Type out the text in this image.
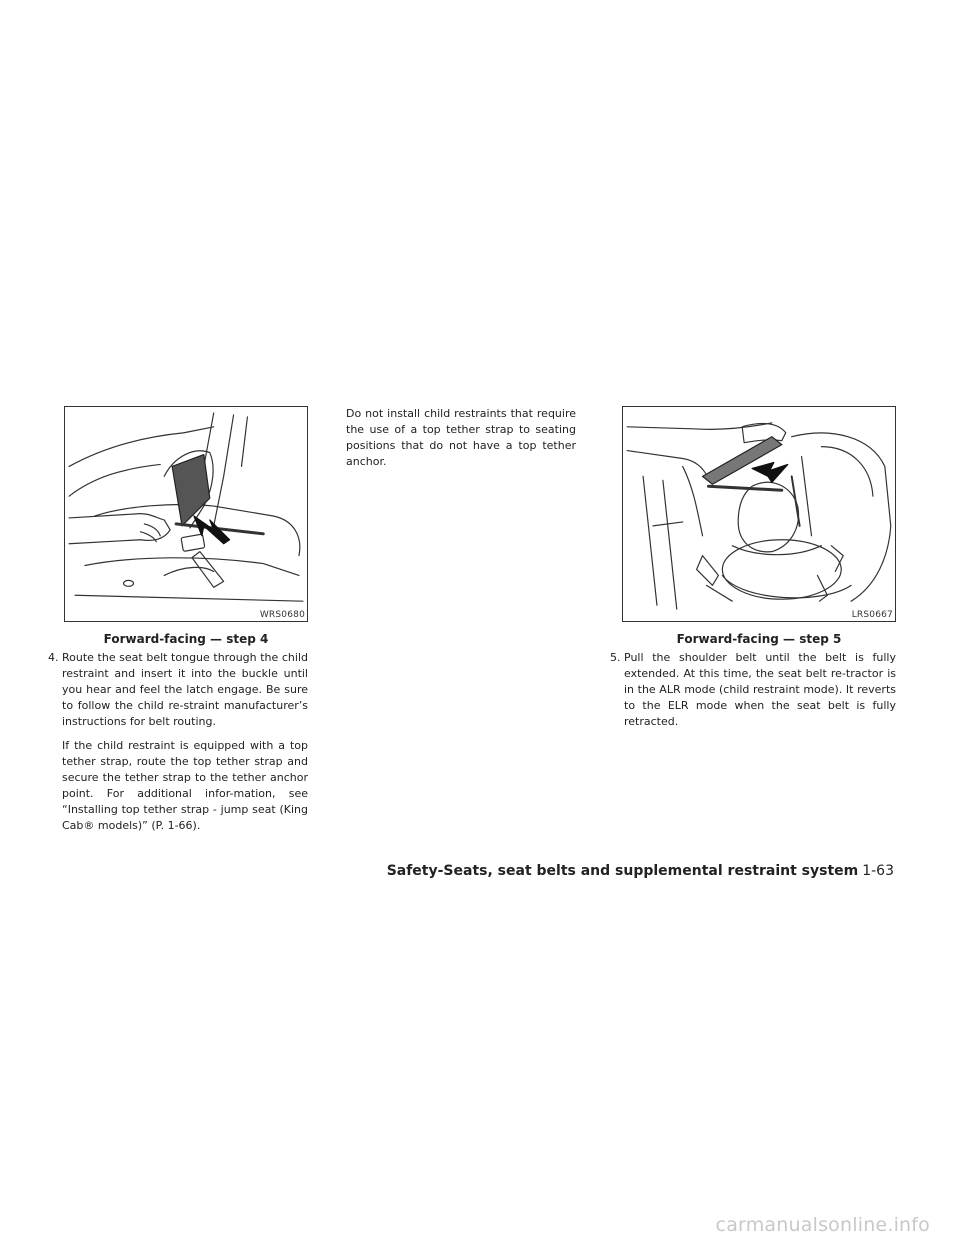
WRS0680
Forward-facing — step 4
LRS0667
Forward-facing — step 5
4. Route the seat belt tongue through the child restraint and insert it into the buckle until you hear and feel the latch engage. Be sure to follow the child re-straint manufacturer’s instructions for belt routing.

If the child restraint is equipped with a top tether strap, route the top tether strap and secure the tether strap to the tether anchor point. For additional infor-mation, see “Installing top tether strap - jump seat (King Cab® models)” (P. 1-66).

Do not install child restraints that require the use of a top tether strap to seating positions that do not have a top tether anchor.

5. Pull the shoulder belt until the belt is fully extended. At this time, the seat belt re-tractor is in the ALR mode (child restraint mode). It reverts to the ELR mode when the seat belt is fully retracted.

Safety-Seats, seat belts and supplemental restraint system 1-63
carmanualsonline.info
